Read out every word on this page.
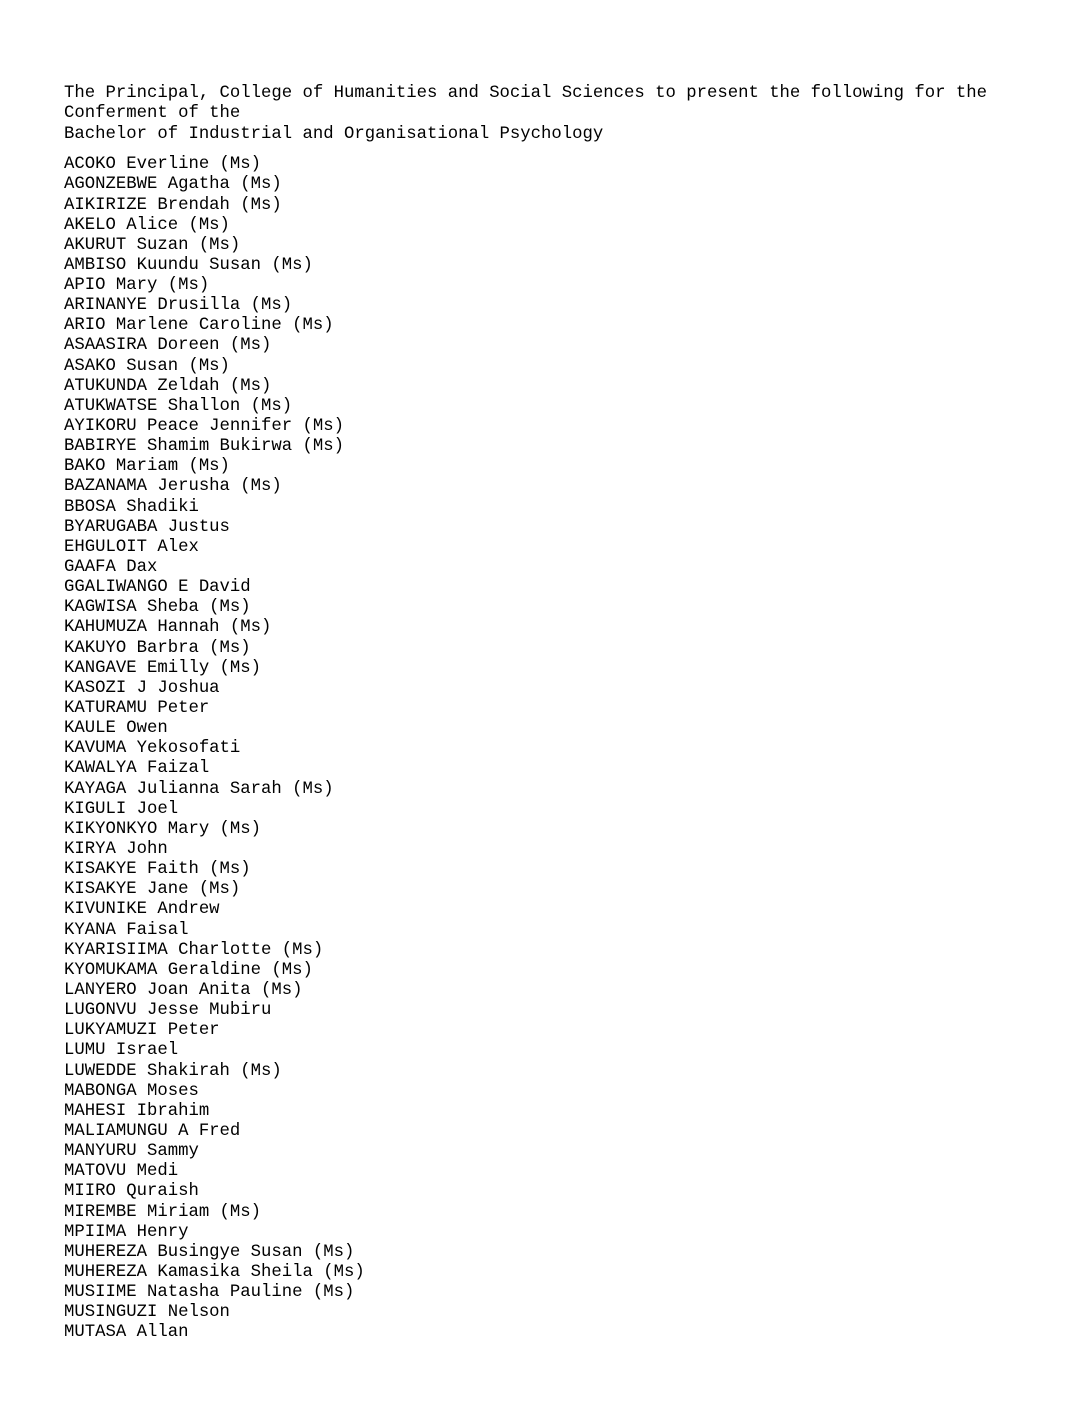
The Principal, College of Humanities and Social Sciences to present the following for the

Conferment of the

Bachelor of Industrial and Organisational Psychology

ACOKO Everline (Ms)
AGONZEBWE Agatha (Ms)
AIKIRIZE Brendah (Ms)
AKELO Alice (Ms)
AKURUT Suzan (Ms)
AMBISO Kuundu Susan (Ms)
APIO Mary (Ms)
ARINANYE Drusilla (Ms)
ARIO Marlene Caroline (Ms)
ASAASIRA Doreen (Ms)
ASAKO Susan (Ms)
ATUKUNDA Zeldah (Ms)
ATUKWATSE Shallon (Ms)
AYIKORU Peace Jennifer (Ms)
BABIRYE Shamim Bukirwa (Ms)
BAKO Mariam (Ms)
BAZANAMA Jerusha (Ms)
BBOSA Shadiki
BYARUGABA Justus
EHGULOIT Alex
GAAFA Dax
GGALIWANGO E David
KAGWISA Sheba (Ms)
KAHUMUZA Hannah (Ms)
KAKUYO Barbra (Ms)
KANGAVE Emilly (Ms)
KASOZI J Joshua
KATURAMU Peter
KAULE Owen
KAVUMA Yekosofati
KAWALYA Faizal
KAYAGA Julianna Sarah (Ms)
KIGULI Joel
KIKYONKYO Mary (Ms)
KIRYA John
KISAKYE Faith (Ms)
KISAKYE Jane (Ms)
KIVUNIKE Andrew
KYANA Faisal
KYARISIIMA Charlotte (Ms)
KYOMUKAMA Geraldine (Ms)
LANYERO Joan Anita (Ms)
LUGONVU Jesse Mubiru
LUKYAMUZI Peter
LUMU Israel
LUWEDDE Shakirah (Ms)
MABONGA Moses
MAHESI Ibrahim
MALIAMUNGU A Fred
MANYURU Sammy
MATOVU Medi
MIIRO Quraish
MIREMBE Miriam (Ms)
MPIIMA Henry
MUHEREZA Busingye Susan (Ms)
MUHEREZA Kamasika Sheila (Ms)
MUSIIME Natasha Pauline (Ms)
MUSINGUZI Nelson
MUTASA Allan
